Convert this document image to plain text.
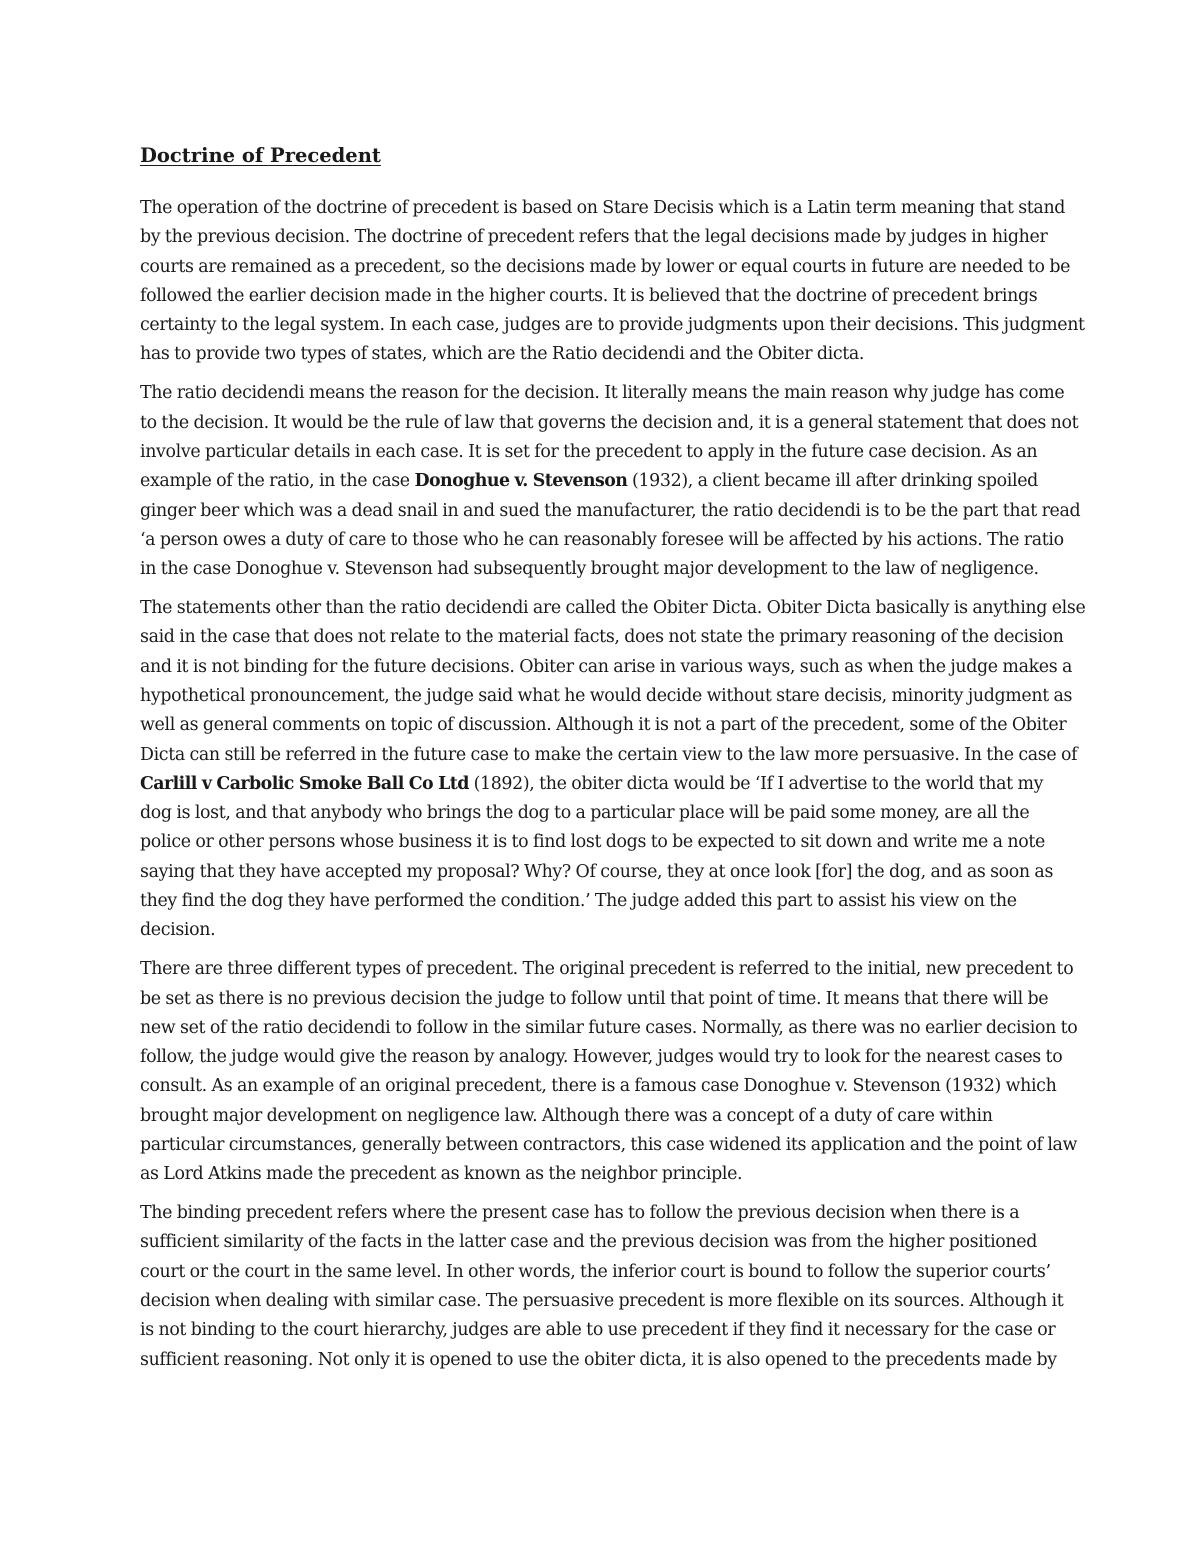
Doctrine of Precedent
The operation of the doctrine of precedent is based on Stare Decisis which is a Latin term meaning that stand
by the previous decision. The doctrine of precedent refers that the legal decisions made by judges in higher
courts are remained as a precedent, so the decisions made by lower or equal courts in future are needed to be
followed the earlier decision made in the higher courts. It is believed that the doctrine of precedent brings
certainty to the legal system. In each case, judges are to provide judgments upon their decisions. This judgment
has to provide two types of states, which are the Ratio decidendi and the Obiter dicta.
The ratio decidendi means the reason for the decision. It literally means the main reason why judge has come
to the decision. It would be the rule of law that governs the decision and, it is a general statement that does not
involve particular details in each case. It is set for the precedent to apply in the future case decision. As an
example of the ratio, in the case Donoghue v. Stevenson (1932), a client became ill after drinking spoiled
ginger beer which was a dead snail in and sued the manufacturer, the ratio decidendi is to be the part that read
‘a person owes a duty of care to those who he can reasonably foresee will be affected by his actions. The ratio
in the case Donoghue v. Stevenson had subsequently brought major development to the law of negligence.
The statements other than the ratio decidendi are called the Obiter Dicta. Obiter Dicta basically is anything else
said in the case that does not relate to the material facts, does not state the primary reasoning of the decision
and it is not binding for the future decisions. Obiter can arise in various ways, such as when the judge makes a
hypothetical pronouncement, the judge said what he would decide without stare decisis, minority judgment as
well as general comments on topic of discussion. Although it is not a part of the precedent, some of the Obiter
Dicta can still be referred in the future case to make the certain view to the law more persuasive. In the case of
Carlill v Carbolic Smoke Ball Co Ltd (1892), the obiter dicta would be ‘If I advertise to the world that my
dog is lost, and that anybody who brings the dog to a particular place will be paid some money, are all the
police or other persons whose business it is to find lost dogs to be expected to sit down and write me a note
saying that they have accepted my proposal? Why? Of course, they at once look [for] the dog, and as soon as
they find the dog they have performed the condition.’ The judge added this part to assist his view on the
decision.
There are three different types of precedent. The original precedent is referred to the initial, new precedent to
be set as there is no previous decision the judge to follow until that point of time. It means that there will be
new set of the ratio decidendi to follow in the similar future cases. Normally, as there was no earlier decision to
follow, the judge would give the reason by analogy. However, judges would try to look for the nearest cases to
consult. As an example of an original precedent, there is a famous case Donoghue v. Stevenson (1932) which
brought major development on negligence law. Although there was a concept of a duty of care within
particular circumstances, generally between contractors, this case widened its application and the point of law
as Lord Atkins made the precedent as known as the neighbor principle.
The binding precedent refers where the present case has to follow the previous decision when there is a
sufficient similarity of the facts in the latter case and the previous decision was from the higher positioned
court or the court in the same level. In other words, the inferior court is bound to follow the superior courts’
decision when dealing with similar case. The persuasive precedent is more flexible on its sources. Although it
is not binding to the court hierarchy, judges are able to use precedent if they find it necessary for the case or
sufficient reasoning. Not only it is opened to use the obiter dicta, it is also opened to the precedents made by
